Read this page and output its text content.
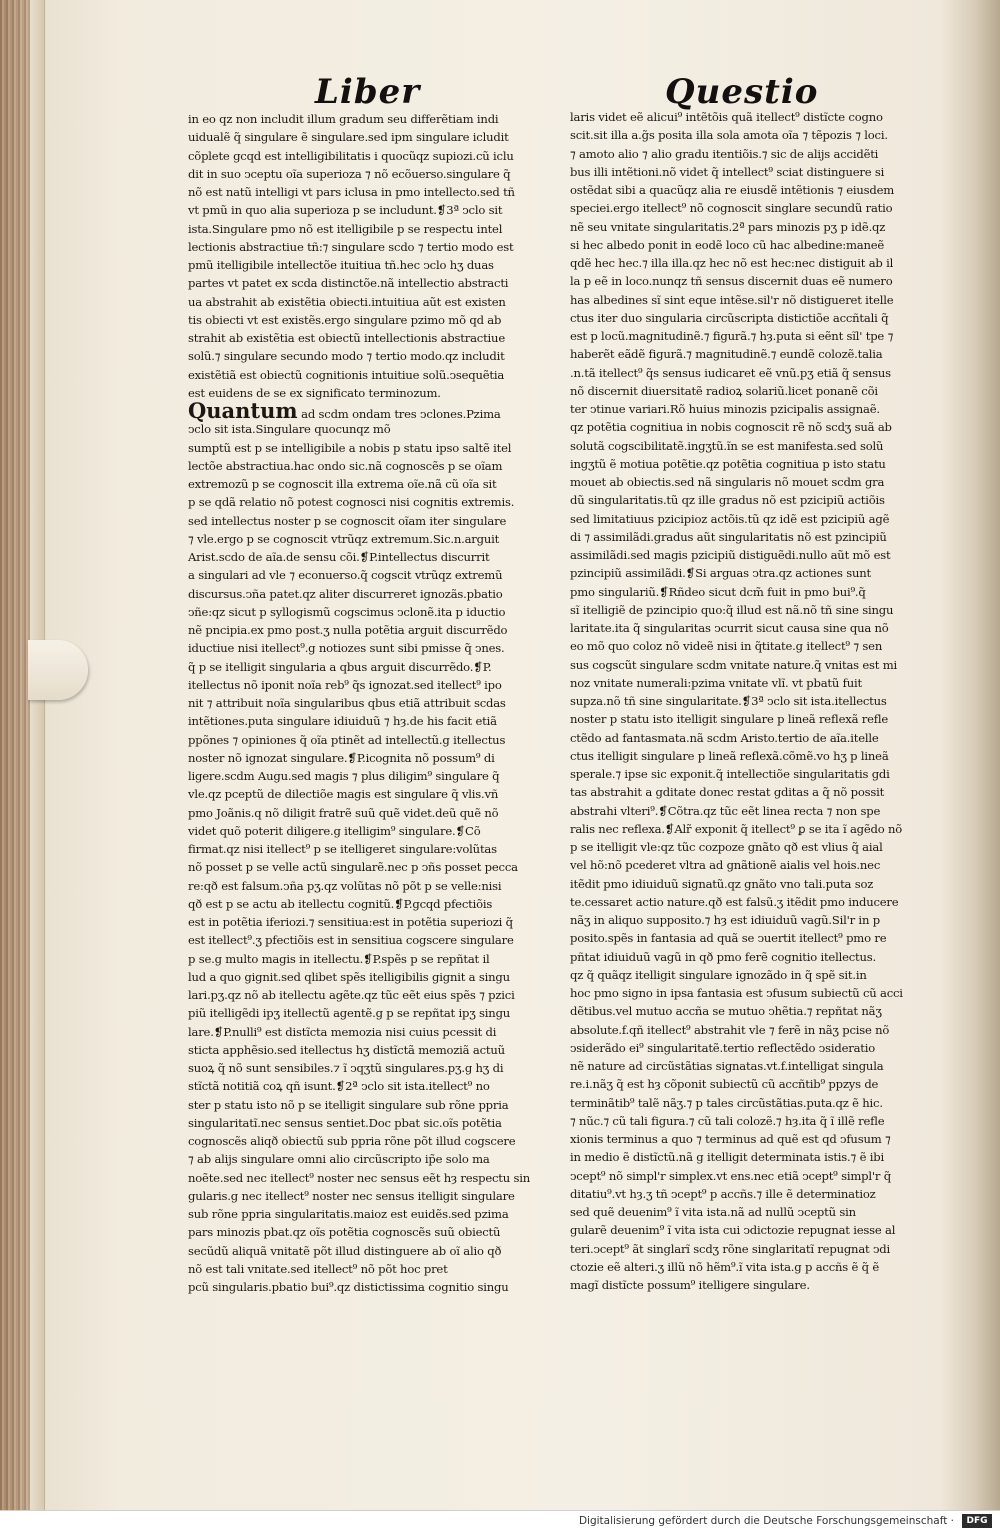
Liber	Questio
in eo qz non includit illum gradum seu differẽtiam indi
uidualẽ q̃ singulare ẽ singulare.sed ipm singulare icludit
cõplete gcqd est intelligibilitatis i quocũqz supiozi.cũ iclu
dit in suo ↄceptu oĩa superioza ⁊ nõ ecõuerso.singulare q̃
nõ est natũ intelligi vt pars iclusa in pmo intellecto.sed tñ
vt pmũ in quo alia superioza p se includunt.❡3ª ↄclo sit
ista.Singulare pmo nõ est itelligibile p se respectu intel
lectionis abstractiue tñ:⁊ singulare scdo ⁊ tertio modo est
pmũ itelligibile intellectõe ituitiua tñ.hec ↄclo hʒ duas
partes vt patet ex scda distinctõe.nã intellectio abstracti
ua abstrahit ab existẽtia obiecti.intuitiua aũt est existen
tis obiecti vt est existẽs.ergo singulare pzimo mõ qd ab
strahit ab existẽtia est obiectũ intellectionis abstractiue
solũ.⁊ singulare secundo modo ⁊ tertio modo.qz includit
existẽtiã est obiectũ cognitionis intuitiue solũ.ↄsequẽtia
est euidens de se ex significato terminozum.
Quantum ad scdm ondam tres ↄclones.Pzima
ↄclo sit ista.Singulare quocunqz mõ
sumptũ est p se intelligibile a nobis p statu ipso saltẽ itel
lectõe abstractiua.hac ondo sic.nã cognoscẽs p se oĩam
extremozũ p se cognoscit illa extrema oĩe.nã cũ oĩa sit
p se qdã relatio nõ potest cognosci nisi cognitis extremis.
sed intellectus noster p se cognoscit oĩam iter singulare
⁊ vle.ergo p se cognoscit vtrũqz extremum.Sic.n.arguit
Arist.scdo de aĩa.de sensu cõi.❡P.intellectus discurrit
a singulari ad vle ⁊ econuerso.q̃ cogscit vtrũqz extremũ
discursus.ↄña patet.qz aliter discurreret ignozãs.pbatio
ↄñe:qz sicut p syllogismũ cogscimus ↄclonẽ.ita p iductio
nẽ pncipia.ex pmo post.ʒ nulla potẽtia arguit discurrẽdo
iductiue nisi itellect⁹.g notiozes sunt sibi pmisse q̃ ↄnes.
q̃ p se itelligit singularia a qbus arguit discurrẽdo.❡P.
itellectus nõ iponit noĩa reb⁹ q̃s ignozat.sed itellect⁹ ipo
nit ⁊ attribuit noĩa singularibus qbus etiã attribuit scdas
intẽtiones.puta singulare idiuiduũ ⁊ hȝ.de his facit etiã
ppõnes ⁊ opiniones q̃ oĩa ptinẽt ad intellectũ.g itellectus
noster nõ ignozat singulare.❡P.icognita nõ possum⁹ di
ligere.scdm Augu.sed magis ⁊ plus diligim⁹ singulare q̃
vle.qz pceptũ de dilectiõe magis est singulare q̃ vlis.vñ
pmo Joãnis.q nõ diligit fratrẽ suũ quẽ videt.deũ quẽ nõ
videt quõ poterit diligere.g itelligim⁹ singulare.❡Cõ
firmat.qz nisi itellect⁹ p se itelligeret singulare:volũtas
nõ posset p se velle actũ singularẽ.nec p ↄñs posset pecca
re:qð est falsum.ↄña pʒ.qz volũtas nõ põt p se velle:nisi
qð est p se actu ab itellectu cognitũ.❡P.gcqd pfectiõis
est in potẽtia iferiozi.⁊ sensitiua:est in potẽtia superiozi q̃
est itellect⁹.ʒ pfectiõis est in sensitiua cogscere singulare
p se.g multo magis in itellectu.❡P.spẽs p se repñtat il
lud a quo gignit.sed qlibet spẽs itelligibilis gignit a singu
lari.pʒ.qz nõ ab itellectu agẽte.qz tũc eẽt eius spẽs ⁊ pzici
piũ itelligẽdi ipʒ itellectũ agentẽ.g p se repñtat ipʒ singu
lare.❡P.nulli⁹ est distĩcta memozia nisi cuius pcessit di
sticta apphẽsio.sed itellectus hʒ distĩctã memoziã actuũ
suoꝝ q̃ nõ sunt sensibiles.⁊ ĩ ↄqʒtũ singulares.pʒ.g hʒ di
stĩctã notitiã coꝝ qñ isunt.❡2ª ↄclo sit ista.itellect⁹ no
ster p statu isto nõ p se itelligit singulare sub rõne ppria
singularitatĩ.nec sensus sentiet.Doc pbat sic.oĩs potẽtia
cognoscẽs aliqð obiectũ sub ppria rõne põt illud cogscere
⁊ ab alijs singulare omni alio circũscripto ip̃e solo ma
noẽte.sed nec itellect⁹ noster nec sensus eẽt hȝ respectu sin
gularis.g nec itellect⁹ noster nec sensus itelligit singulare
sub rõne ppria singularitatis.maioz est euidẽs.sed pzima
pars minozis pbat.qz oĩs potẽtia cognoscẽs suũ obiectũ
secũdũ aliquã vnitatẽ põt illud distinguere ab oĩ alio qð
nõ est tali vnitate.sed itellect⁹ nõ põt hoc pret
pcũ singularis.pbatio bui⁹.qz distictissima cognitio singu
laris videt eẽ alicui⁹ intẽtõis quã itellect⁹ distĩcte cogno
scit.sit illa a.g̃s posita illa sola amota oĩa ⁊ tẽpozis ⁊ loci.
⁊ amoto alio ⁊ alio gradu itentiõis.⁊ sic de alijs accidẽti
bus illi intẽtioni.nõ videt q̃ intellect⁹ sciat distinguere si
ostẽdat sibi a quacũqz alia re eiusdẽ intẽtionis ⁊ eiusdem
speciei.ergo itellect⁹ nõ cognoscit singlare secundũ ratio
nẽ seu vnitate singularitatis.2ª pars minozis pʒ p idẽ.qz
si hec albedo ponit in eodẽ loco cũ hac albedine:maneẽ
qdẽ hec hec.⁊ illa illa.qz hec nõ est hec:nec distiguit ab il
la p eẽ in loco.nunqz tñ sensus discernit duas eẽ numero
has albedines sĩ sint eque intẽse.sil'r nõ distigueret itelle
ctus iter duo singularia circũscripta distictiõe accñtali q̃
est p locũ.magnitudinẽ.⁊ figurã.⁊ hȝ.puta si eẽnt sĩl' tpe ⁊
haberẽt eãdẽ figurã.⁊ magnitudinẽ.⁊ eundẽ colozẽ.talia
.n.tã itellect⁹ q̃s sensus iudicaret eẽ vnũ.pʒ etiã q̃ sensus
nõ discernit diuersitatẽ radioꝝ solariũ.licet ponanẽ cõi
ter ↄtinue variari.Rõ huius minozis pzicipalis assignaẽ.
qz potẽtia cognitiua in nobis cognoscit rẽ nõ scdʒ suã ab
solutã cogscibilitatẽ.ingʒtũ.ĩn se est manifesta.sed solũ
ingʒtũ ẽ motiua potẽtie.qz potẽtia cognitiua p isto statu
mouet ab obiectis.sed nã singularis nõ mouet scdm gra
dũ singularitatis.tũ qz ille gradus nõ est pzicipiũ actiõis
sed limitatiuus pzicipioz actõis.tũ qz idẽ est pzicipiũ agẽ
di ⁊ assimilãdi.gradus aũt singularitatis nõ est pzincipiũ
assimilãdi.sed magis pzicipiũ distiguẽdi.nullo aũt mõ est
pzincipiũ assimilãdi.❡Si arguas ↄtra.qz actiones sunt
pmo singulariũ.❡Rñdeo sicut dcm̃ fuit in pmo bui⁹.q̃
sĩ itelligiẽ de pzincipio quo:q̃ illud est nã.nõ tñ sine singu
laritate.ita q̃ singularitas ↄcurrit sicut causa sine qua nõ
eo mõ quo coloz nõ videẽ nisi in q̃titate.g itellect⁹ ⁊ sen
sus cogscũt singulare scdm vnitate nature.q̃ vnitas est mi
noz vnitate numerali:pzima vnitate vlĩ. vt pbatũ fuit
supza.nõ tñ sine singularitate.❡3ª ↄclo sit ista.itellectus
noster p statu isto itelligit singulare p lineã reflexã refle
ctẽdo ad fantasmata.nã scdm Aristo.tertio de aĩa.itelle
ctus itelligit singulare p lineã reflexã.cõmẽ.vo hʒ p lineã
sperale.⁊ ipse sic exponit.q̃ intellectiõe singularitatis gdi
tas abstrahit a gditate donec restat gditas a q̃ nõ possit
abstrahi vlteri⁹.❡Cõtra.qz tũc eẽt linea recta ⁊ non spe
ralis nec reflexa.❡Alr̃ exponit q̃ itellect⁹ ꝑ se ita ĩ agẽdo nõ
p se itelligit vle:qz tũc cozpoze gnãto qð est vlius q̃ aial
vel hõ:nõ pcederet vltra ad gnãtionẽ aialis vel hois.nec
itẽdit pmo idiuiduũ signatũ.qz gnãto vno tali.puta soz
te.cessaret actio nature.qð est falsũ.ʒ itẽdit pmo inducere
nãʒ in aliquo supposito.⁊ hȝ est idiuiduũ vagũ.Sil'r in p
posito.spẽs in fantasia ad quã se ↄuertit itellect⁹ pmo re
pñtat idiuiduũ vagũ in qð pmo ferẽ cognitio itellectus.
qz q̃ quãqz itelligit singulare ignozãdo in q̃ spẽ sit.in
hoc pmo signo in ipsa fantasia est ↄfusum subiectũ cũ acci
dẽtibus.vel mutuo accña se mutuo ↄhẽtia.⁊ repñtat nãʒ
absolute.f.qñ itellect⁹ abstrahit vle ⁊ ferẽ in nãʒ pcise nõ
ↄsiderãdo ei⁹ singularitatẽ.tertio reflectẽdo ↄsideratio
nẽ nature ad circũstãtias signatas.vt.f.intelligat singula
re.i.nãʒ q̃ est hȝ cõponit subiectũ cũ accñtib⁹ ppzys de
terminãtib⁹ talẽ nãʒ.⁊ p tales circũstãtias.puta.qz ẽ hic.
⁊ nũc.⁊ cũ tali figura.⁊ cũ tali colozẽ.⁊ hȝ.ita q̃ ĩ illẽ refle
xionis terminus a quo ⁊ terminus ad quẽ est qd ↄfusum ⁊
in medio ẽ distĩctũ.nã g itelligit determinata istis.⁊ ẽ ibi
ↄcept⁹ nõ simpl'r simplex.vt ens.nec etiã ↄcept⁹ simpl'r q̃
ditatiu⁹.vt hȝ.ʒ tñ ↄcept⁹ p accñs.⁊ ille ẽ determinatioz
sed quẽ deuenim⁹ ĩ vita ista.nã ad nullũ ↄceptũ sin
gularẽ deuenim⁹ ĩ vita ista cui ↄdictozie repugnat iesse al
teri.ↄcept⁹ ãt singlarĩ scdʒ rõne singlaritatĩ repugnat ↄdi
ctozie eẽ alteri.ʒ illũ nõ hẽm⁹.ĩ vita ista.g p accñs ẽ q̃ ẽ
magĩ distĩcte possum⁹ itelligere singulare.
Digitalisierung gefördert durch die Deutsche Forschungsgemeinschaft ·	DFG
